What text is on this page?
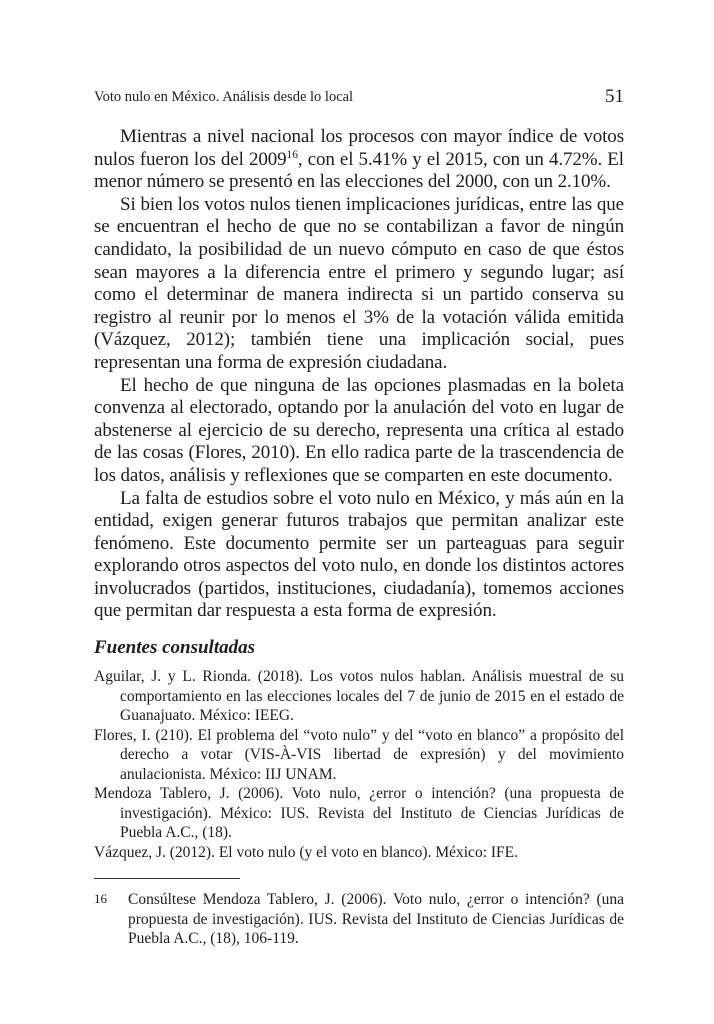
Voto nulo en México. Análisis desde lo local	51

Mientras a nivel nacional los procesos con mayor índice de votos nulos fueron los del 2009$^{16}$, con el 5.41% y el 2015, con un 4.72%. El menor número se presentó en las elecciones del 2000, con un 2.10%.

Si bien los votos nulos tienen implicaciones jurídicas, entre las que se encuentran el hecho de que no se contabilizan a favor de ningún candidato, la posibilidad de un nuevo cómputo en caso de que éstos sean mayores a la diferencia entre el primero y segundo lugar; así como el determinar de manera indirecta si un partido conserva su registro al reunir por lo menos el 3% de la votación válida emitida (Vázquez, 2012); también tiene una implicación social, pues representan una forma de expresión ciudadana.

El hecho de que ninguna de las opciones plasmadas en la boleta convenza al electorado, optando por la anulación del voto en lugar de abstenerse al ejercicio de su derecho, representa una crítica al estado de las cosas (Flores, 2010). En ello radica parte de la trascendencia de los datos, análisis y reflexiones que se comparten en este documento.

La falta de estudios sobre el voto nulo en México, y más aún en la entidad, exigen generar futuros trabajos que permitan analizar este fenómeno. Este documento permite ser un parteaguas para seguir explorando otros aspectos del voto nulo, en donde los distintos actores involucrados (partidos, instituciones, ciudadanía), tomemos acciones que permitan dar respuesta a esta forma de expresión.

Fuentes consultadas

Aguilar, J. y L. Rionda. (2018). Los votos nulos hablan. Análisis muestral de su comportamiento en las elecciones locales del 7 de junio de 2015 en el estado de Guanajuato. México: IEEG.

Flores, I. (210). El problema del “voto nulo” y del “voto en blanco” a propósito del derecho a votar (VIS-À-VIS libertad de expresión) y del movimiento anulacionista. México: IIJ UNAM.

Mendoza Tablero, J. (2006). Voto nulo, ¿error o intención? (una propuesta de investigación). México: IUS. Revista del Instituto de Ciencias Jurídicas de Puebla A.C., (18).

Vázquez, J. (2012). El voto nulo (y el voto en blanco). México: IFE.

16 Consúltese Mendoza Tablero, J. (2006). Voto nulo, ¿error o intención? (una propuesta de investigación). IUS. Revista del Instituto de Ciencias Jurídicas de Puebla A.C., (18), 106-119.
